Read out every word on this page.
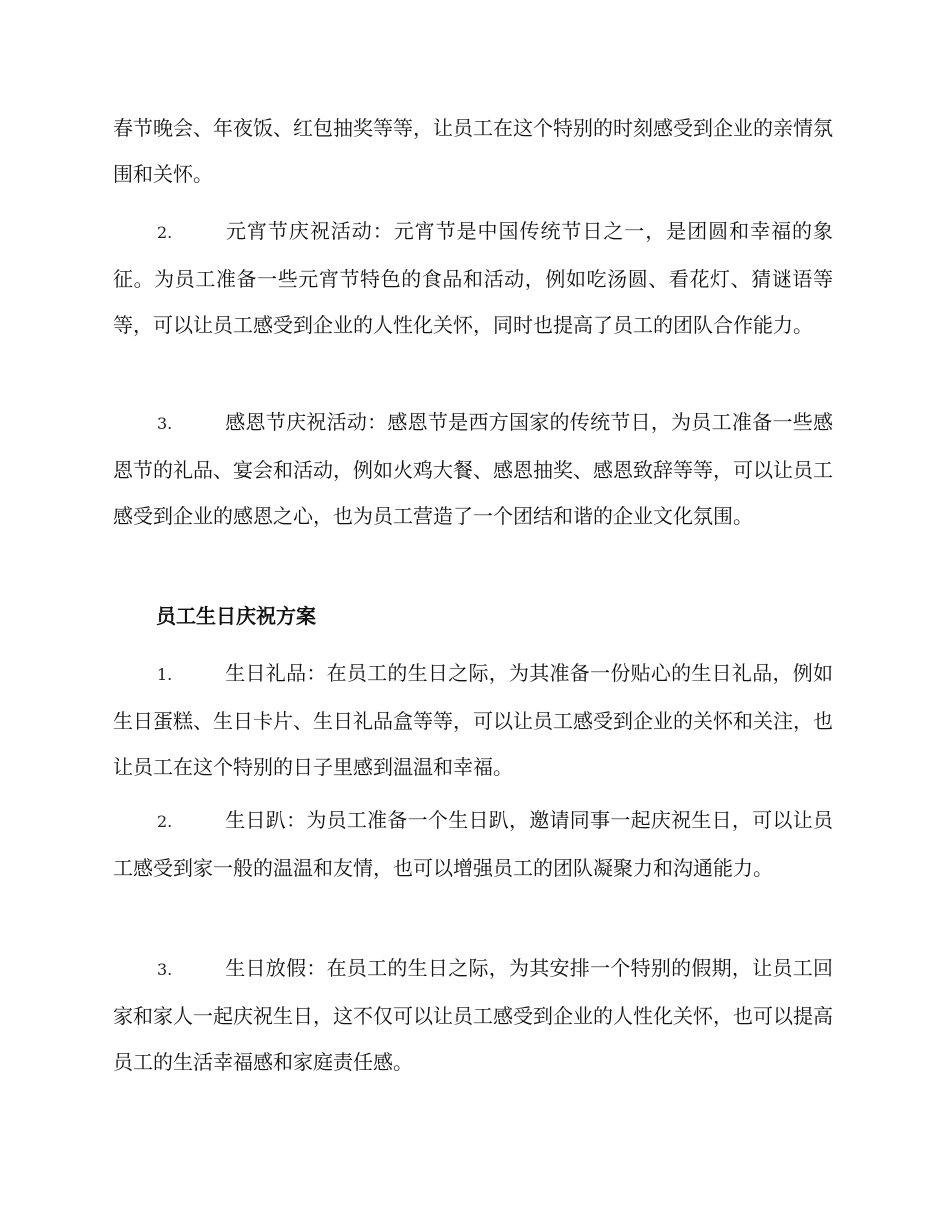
春节晚会、年夜饭、红包抽奖等等，让员工在这个特别的时刻感受到企业的亲情氛围和关怀。

2.	元宵节庆祝活动：元宵节是中国传统节日之一，是团圆和幸福的象征。为员工准备一些元宵节特色的食品和活动，例如吃汤圆、看花灯、猜谜语等等，可以让员工感受到企业的人性化关怀，同时也提高了员工的团队合作能力。

3.	感恩节庆祝活动：感恩节是西方国家的传统节日，为员工准备一些感恩节的礼品、宴会和活动，例如火鸡大餐、感恩抽奖、感恩致辞等等，可以让员工感受到企业的感恩之心，也为员工营造了一个团结和谐的企业文化氛围。

员工生日庆祝方案

1.	生日礼品：在员工的生日之际，为其准备一份贴心的生日礼品，例如生日蛋糕、生日卡片、生日礼品盒等等，可以让员工感受到企业的关怀和关注，也让员工在这个特别的日子里感到温温和幸福。

2.	生日趴：为员工准备一个生日趴，邀请同事一起庆祝生日，可以让员工感受到家一般的温温和友情，也可以增强员工的团队凝聚力和沟通能力。

3.	生日放假：在员工的生日之际，为其安排一个特别的假期，让员工回家和家人一起庆祝生日，这不仅可以让员工感受到企业的人性化关怀，也可以提高员工的生活幸福感和家庭责任感。
